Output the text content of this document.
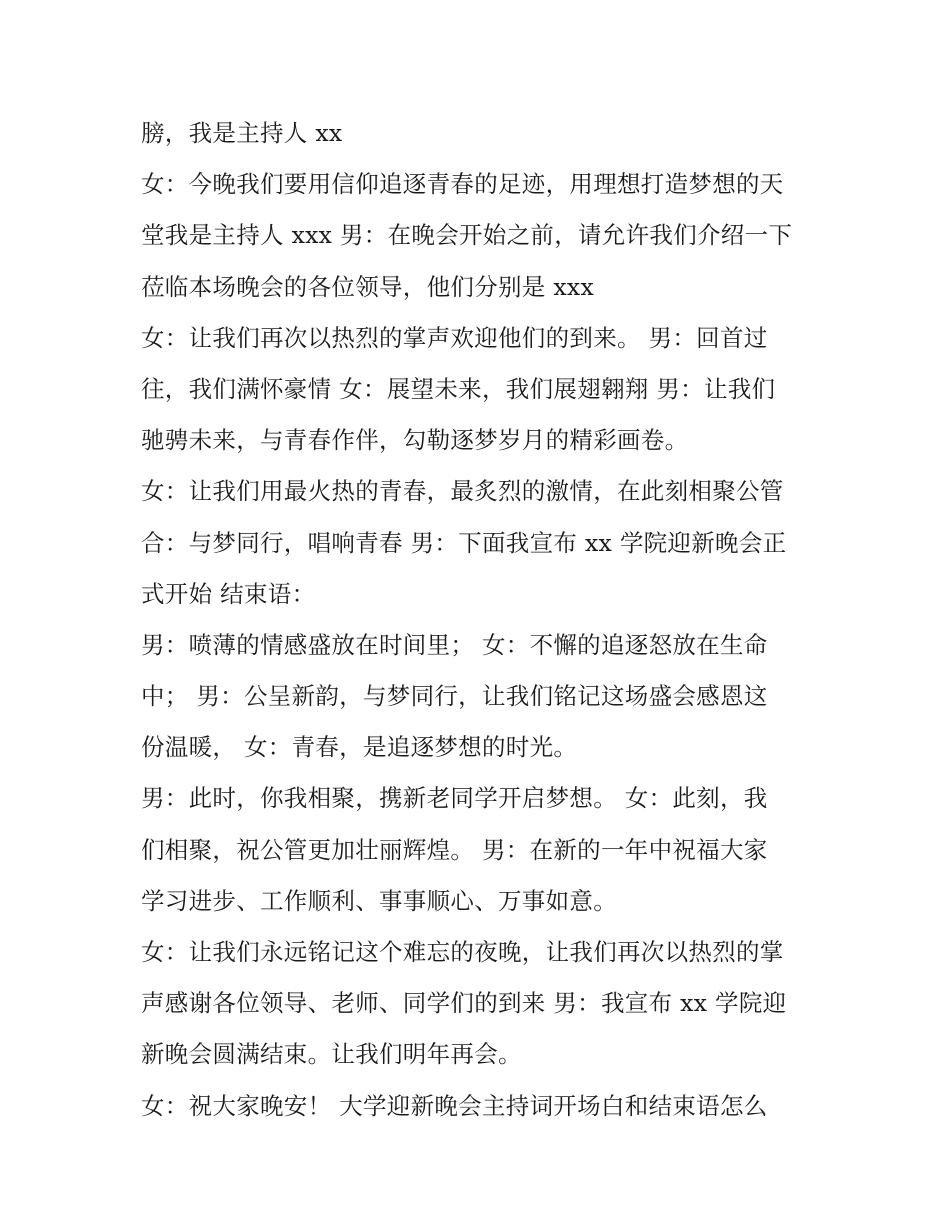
膀，我是主持人 xx
女：今晚我们要用信仰追逐青春的足迹，用理想打造梦想的天
堂我是主持人 xxx 男：在晚会开始之前，请允许我们介绍一下
莅临本场晚会的各位领导，他们分别是 xxx
女：让我们再次以热烈的掌声欢迎他们的到来。 男：回首过
往，我们满怀豪情 女：展望未来，我们展翅翱翔 男：让我们
驰骋未来，与青春作伴，勾勒逐梦岁月的精彩画卷。
女：让我们用最火热的青春，最炙烈的激情，在此刻相聚公管
合：与梦同行，唱响青春 男：下面我宣布 xx 学院迎新晚会正
式开始 结束语：
男：喷薄的情感盛放在时间里； 女：不懈的追逐怒放在生命
中； 男：公呈新韵，与梦同行，让我们铭记这场盛会感恩这
份温暖， 女：青春，是追逐梦想的时光。
男：此时，你我相聚，携新老同学开启梦想。 女：此刻，我
们相聚，祝公管更加壮丽辉煌。 男：在新的一年中祝福大家
学习进步、工作顺利、事事顺心、万事如意。
女：让我们永远铭记这个难忘的夜晚，让我们再次以热烈的掌
声感谢各位领导、老师、同学们的到来 男：我宣布 xx 学院迎
新晚会圆满结束。让我们明年再会。
女：祝大家晚安！ 大学迎新晚会主持词开场白和结束语怎么
